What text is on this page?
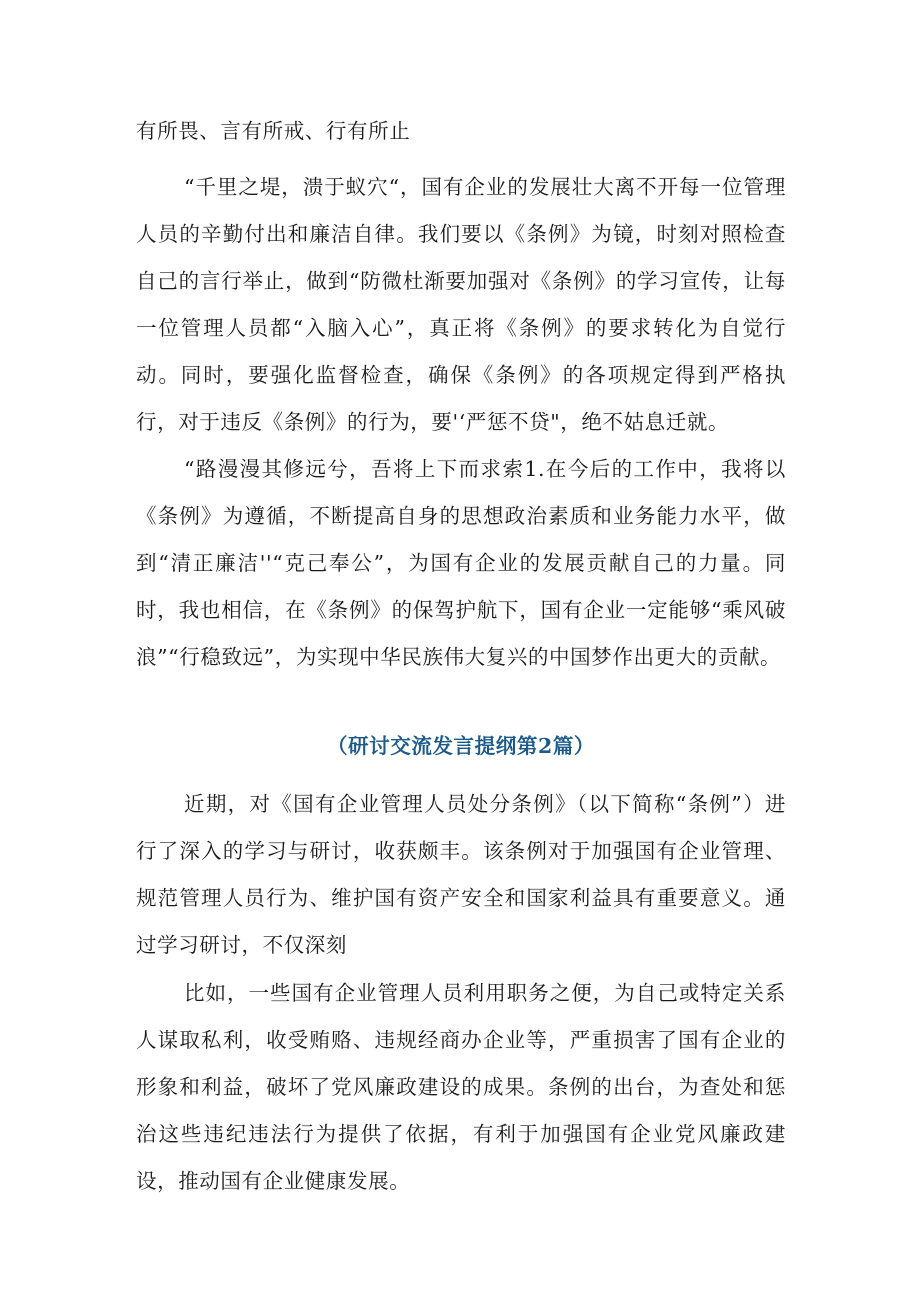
有所畏、言有所戒、行有所止

“千里之堤，溃于蚁穴“，国有企业的发展壮大离不开每一位管理人员的辛勤付出和廉洁自律。我们要以《条例》为镜，时刻对照检查自己的言行举止，做到“防微杜渐要加强对《条例》的学习宣传，让每一位管理人员都“入脑入心”，真正将《条例》的要求转化为自觉行动。同时，要强化监督检查，确保《条例》的各项规定得到严格执行，对于违反《条例》的行为，要'‘严惩不贷"，绝不姑息迁就。

“路漫漫其修远兮，吾将上下而求索1.在今后的工作中，我将以《条例》为遵循，不断提高自身的思想政治素质和业务能力水平，做到“清正廉洁''“克己奉公”，为国有企业的发展贡献自己的力量。同时，我也相信，在《条例》的保驾护航下，国有企业一定能够“乘风破浪”“行稳致远”，为实现中华民族伟大复兴的中国梦作出更大的贡献。

（研讨交流发言提纲第2篇）

近期，对《国有企业管理人员处分条例》（以下简称“条例”）进行了深入的学习与研讨，收获颇丰。该条例对于加强国有企业管理、规范管理人员行为、维护国有资产安全和国家利益具有重要意义。通过学习研讨，不仅深刻

比如，一些国有企业管理人员利用职务之便，为自己或特定关系人谋取私利，收受贿赂、违规经商办企业等，严重损害了国有企业的形象和利益，破坏了党风廉政建设的成果。条例的出台，为查处和惩治这些违纪违法行为提供了依据，有利于加强国有企业党风廉政建设，推动国有企业健康发展。
